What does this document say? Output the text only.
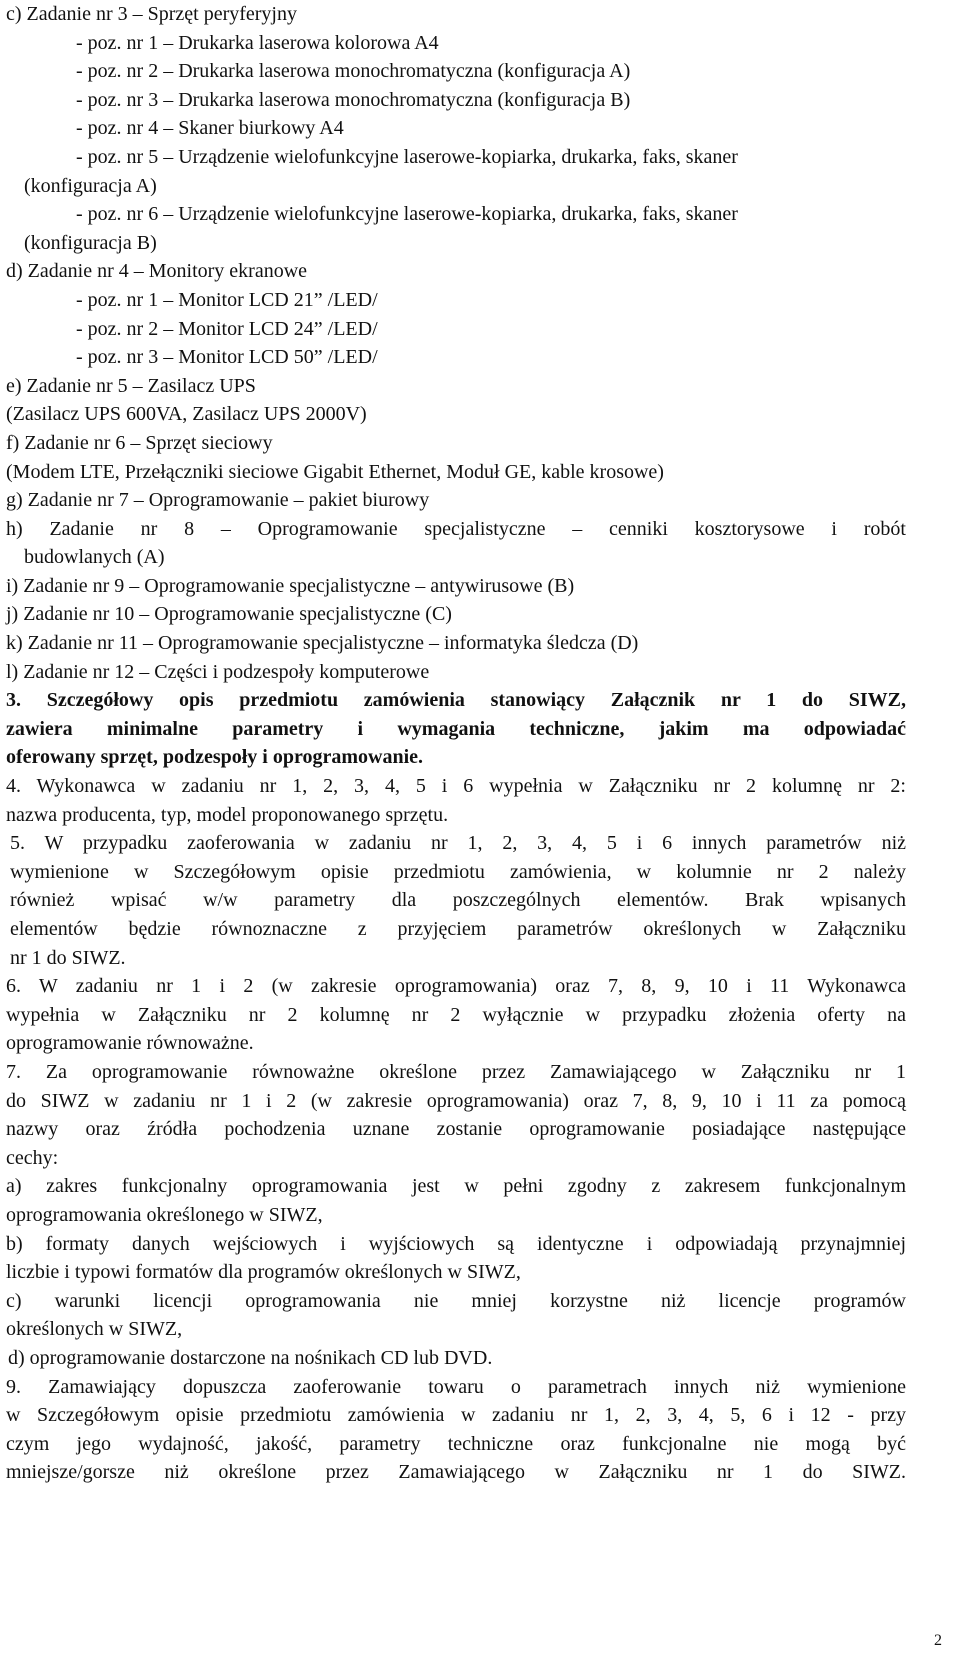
c) Zadanie nr 3 – Sprzęt peryferyjny
- poz. nr 1 – Drukarka laserowa kolorowa A4
- poz. nr 2 – Drukarka laserowa monochromatyczna (konfiguracja A)
- poz. nr 3 – Drukarka laserowa monochromatyczna (konfiguracja B)
- poz. nr 4 – Skaner biurkowy A4
- poz. nr 5 – Urządzenie wielofunkcyjne laserowe-kopiarka, drukarka, faks, skaner
(konfiguracja A)
- poz. nr 6 – Urządzenie wielofunkcyjne laserowe-kopiarka, drukarka, faks, skaner
(konfiguracja B)
d) Zadanie nr 4 – Monitory ekranowe
- poz. nr 1 – Monitor LCD 21” /LED/
- poz. nr 2 – Monitor LCD 24” /LED/
- poz. nr 3 – Monitor LCD 50” /LED/
e) Zadanie nr 5 – Zasilacz UPS
(Zasilacz UPS 600VA, Zasilacz UPS 2000V)
f) Zadanie nr 6 – Sprzęt sieciowy
(Modem LTE, Przełączniki sieciowe Gigabit Ethernet, Moduł GE, kable krosowe)
g) Zadanie nr 7 – Oprogramowanie – pakiet biurowy
h) Zadanie nr 8 – Oprogramowanie specjalistyczne – cenniki kosztorysowe i robót
budowlanych (A)
i) Zadanie nr 9 – Oprogramowanie specjalistyczne – antywirusowe (B)
j) Zadanie nr 10 – Oprogramowanie specjalistyczne (C)
k) Zadanie nr 11 – Oprogramowanie specjalistyczne – informatyka śledcza (D)
l) Zadanie nr 12 – Części i podzespoły komputerowe
3. Szczegółowy opis przedmiotu zamówienia stanowiący Załącznik nr 1 do SIWZ,
zawiera minimalne parametry i wymagania techniczne, jakim ma odpowiadać
oferowany sprzęt, podzespoły i oprogramowanie.
4. Wykonawca w zadaniu nr 1, 2, 3, 4, 5 i 6 wypełnia w Załączniku nr 2 kolumnę nr 2:
nazwa producenta, typ, model proponowanego sprzętu.
5. W przypadku zaoferowania w zadaniu nr 1, 2, 3, 4, 5 i 6 innych parametrów niż
wymienione w Szczegółowym opisie przedmiotu zamówienia, w kolumnie nr 2 należy
również wpisać w/w parametry dla poszczególnych elementów. Brak wpisanych
elementów będzie równoznaczne z przyjęciem parametrów określonych w Załączniku
nr 1 do SIWZ.
6. W zadaniu nr 1 i 2 (w zakresie oprogramowania) oraz 7, 8, 9, 10 i 11 Wykonawca
wypełnia w Załączniku nr 2 kolumnę nr 2 wyłącznie w przypadku złożenia oferty na
oprogramowanie równoważne.
7. Za oprogramowanie równoważne określone przez Zamawiającego w Załączniku nr 1
do SIWZ w zadaniu nr 1 i 2 (w zakresie oprogramowania) oraz 7, 8, 9, 10 i 11 za pomocą
nazwy oraz źródła pochodzenia uznane zostanie oprogramowanie posiadające następujące
cechy:
a) zakres funkcjonalny oprogramowania jest w pełni zgodny z zakresem funkcjonalnym
oprogramowania określonego w SIWZ,
b) formaty danych wejściowych i wyjściowych są identyczne i odpowiadają przynajmniej
liczbie i typowi formatów dla programów określonych w SIWZ,
c) warunki licencji oprogramowania nie mniej korzystne niż licencje programów
określonych w SIWZ,
d) oprogramowanie dostarczone na nośnikach CD lub DVD.
9. Zamawiający dopuszcza zaoferowanie towaru o parametrach innych niż wymienione
w Szczegółowym opisie przedmiotu zamówienia w zadaniu nr 1, 2, 3, 4, 5, 6 i 12 - przy
czym jego wydajność, jakość, parametry techniczne oraz funkcjonalne nie mogą być
mniejsze/gorsze niż określone przez Zamawiającego w Załączniku nr 1 do SIWZ.
2
